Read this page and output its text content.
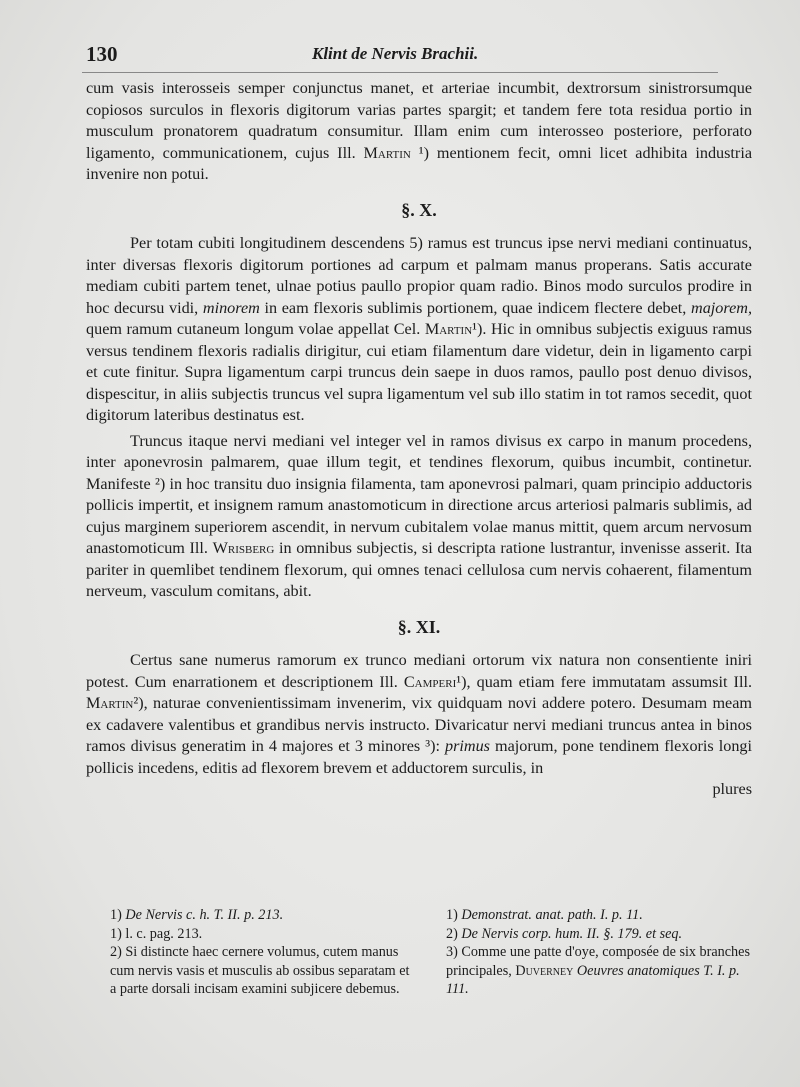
130	Klint de Nervis Brachii.

cum vasis interosseis semper conjunctus manet, et arteriae incumbit, dextrorsum sinistrorsumque copiosos surculos in flexoris digitorum varias partes spargit; et tandem fere tota residua portio in musculum pronatorem quadratum consumitur. Illam enim cum interosseo posteriore, perforato ligamento, communicationem, cujus Ill. Martin ¹) mentionem fecit, omni licet adhibita industria invenire non potui.

§. X.

Per totam cubiti longitudinem descendens 5) ramus est truncus ipse nervi mediani continuatus, inter diversas flexoris digitorum portiones ad carpum et palmam manus properans. Satis accurate mediam cubiti partem tenet, ulnae potius paullo propior quam radio. Binos modo surculos prodire in hoc decursu vidi, minorem in eam flexoris sublimis portionem, quae indicem flectere debet, majorem, quem ramum cutaneum longum volae appellat Cel. Martin¹). Hic in omnibus subjectis exiguus ramus versus tendinem flexoris radialis dirigitur, cui etiam filamentum dare videtur, dein in ligamento carpi et cute finitur. Supra ligamentum carpi truncus dein saepe in duos ramos, paullo post denuo divisos, dispescitur, in aliis subjectis truncus vel supra ligamentum vel sub illo statim in tot ramos secedit, quot digitorum lateribus destinatus est.

Truncus itaque nervi mediani vel integer vel in ramos divisus ex carpo in manum procedens, inter aponevrosin palmarem, quae illum tegit, et tendines flexorum, quibus incumbit, continetur. Manifeste ²) in hoc transitu duo insignia filamenta, tam aponevrosi palmari, quam principio adductoris pollicis impertit, et insignem ramum anastomoticum in directione arcus arteriosi palmaris sublimis, ad cujus marginem superiorem ascendit, in nervum cubitalem volae manus mittit, quem arcum nervosum anastomoticum Ill. Wrisberg in omnibus subjectis, si descripta ratione lustrantur, invenisse asserit. Ita pariter in quemlibet tendinem flexorum, qui omnes tenaci cellulosa cum nervis cohaerent, filamentum nerveum, vasculum comitans, abit.

§. XI.

Certus sane numerus ramorum ex trunco mediani ortorum vix natura non consentiente iniri potest. Cum enarrationem et descriptionem Ill. Camperi¹), quam etiam fere immutatam assumsit Ill. Martin²), naturae convenientissimam invenerim, vix quidquam novi addere potero. Desumam meam ex cadavere valentibus et grandibus nervis instructo. Divaricatur nervi mediani truncus antea in binos ramos divisus generatim in 4 majores et 3 minores ³): primus majorum, pone tendinem flexoris longi pollicis incedens, editis ad flexorem brevem et adductorem surculis, in

plures

1) De Nervis c. h. T. II. p. 213.

1) l. c. pag. 213.

2) Si distincte haec cernere volumus, cutem manus cum nervis vasis et musculis ab ossibus separatam et a parte dorsali incisam examini subjicere debemus.

1) Demonstrat. anat. path. I. p. 11.

2) De Nervis corp. hum. II. §. 179. et seq.

3) Comme une patte d'oye, composée de six branches principales, Duverney Oeuvres anatomiques T. I. p. 111.
